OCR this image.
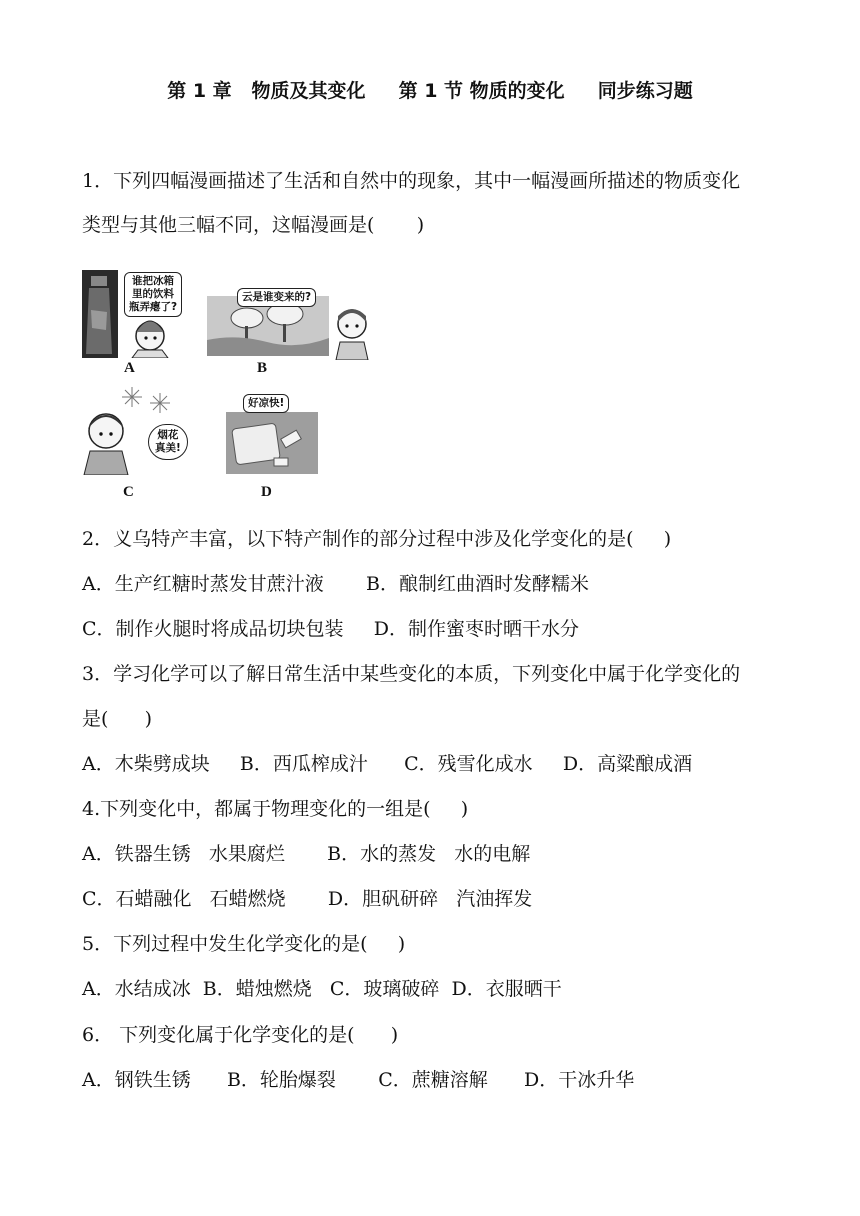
第 1 章   物质及其变化     第 1 节 物质的变化     同步练习题
1．下列四幅漫画描述了生活和自然中的现象，其中一幅漫画所描述的物质变化
类型与其他三幅不同，这幅漫画是(       )
谁把冰箱
里的饮料
瓶弄瘪了?
A
云是谁变来的?
B
烟花
真美!
C
好凉快!
D
2．义乌特产丰富，以下特产制作的部分过程中涉及化学变化的是(     )
A．生产红糖时蒸发甘蔗汁液       B．酿制红曲酒时发酵糯米
C．制作火腿时将成品切块包装     D．制作蜜枣时晒干水分
3．学习化学可以了解日常生活中某些变化的本质，下列变化中属于化学变化的
是(      )
A．木柴劈成块     B．西瓜榨成汁      C．残雪化成水     D．高粱酿成酒
4.下列变化中，都属于物理变化的一组是(     )
A．铁器生锈   水果腐烂       B．水的蒸发   水的电解
C．石蜡融化   石蜡燃烧       D．胆矾研碎   汽油挥发
5．下列过程中发生化学变化的是(     )
A．水结成冰  B．蜡烛燃烧   C．玻璃破碎  D．衣服晒干
6． 下列变化属于化学变化的是(      )
A．钢铁生锈      B．轮胎爆裂       C．蔗糖溶解      D．干冰升华
